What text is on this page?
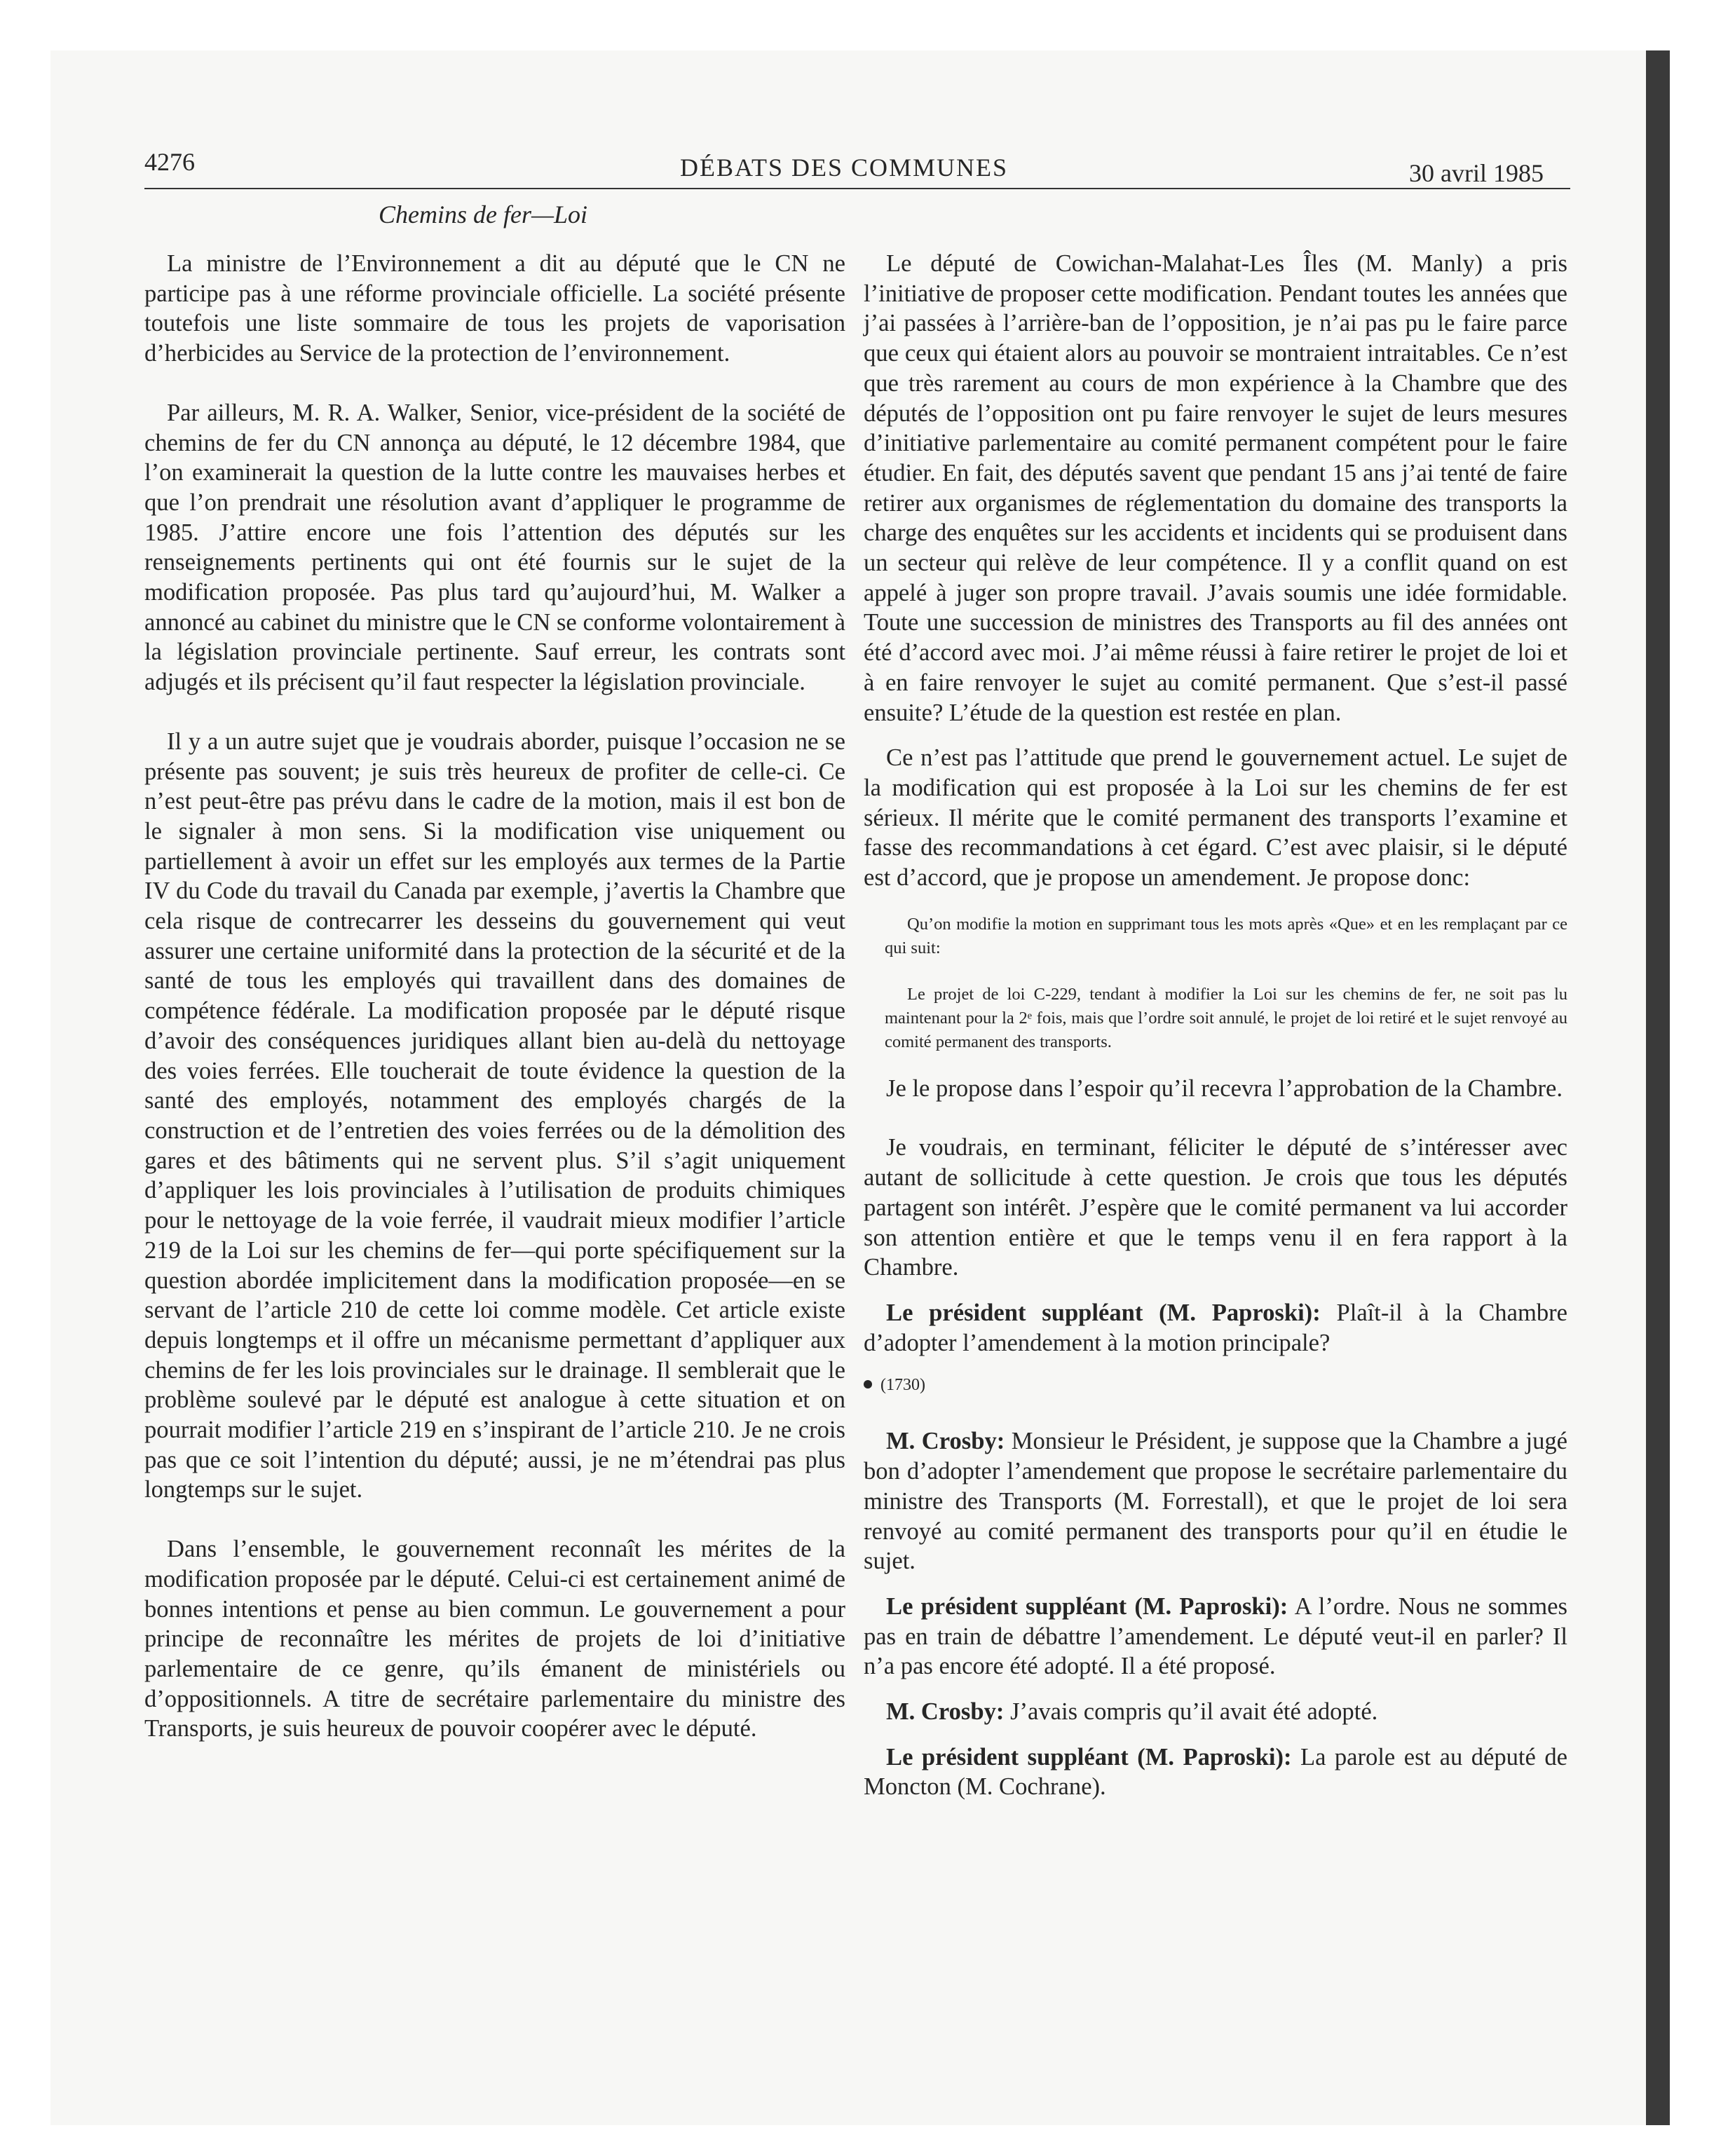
4276	DÉBATS DES COMMUNES	30 avril 1985
Chemins de fer—Loi

La ministre de l’Environnement a dit au député que le CN ne participe pas à une réforme provinciale officielle. La société présente toutefois une liste sommaire de tous les projets de vaporisation d’herbicides au Service de la protection de l’environnement.

Par ailleurs, M. R. A. Walker, Senior, vice-président de la société de chemins de fer du CN annonça au député, le 12 décembre 1984, que l’on examinerait la question de la lutte contre les mauvaises herbes et que l’on prendrait une résolution avant d’appliquer le programme de 1985. J’attire encore une fois l’attention des députés sur les renseignements pertinents qui ont été fournis sur le sujet de la modification proposée. Pas plus tard qu’aujourd’hui, M. Walker a annoncé au cabinet du ministre que le CN se conforme volontairement à la législation provinciale pertinente. Sauf erreur, les contrats sont adjugés et ils précisent qu’il faut respecter la législation provinciale.

Il y a un autre sujet que je voudrais aborder, puisque l’occasion ne se présente pas souvent; je suis très heureux de profiter de celle-ci. Ce n’est peut-être pas prévu dans le cadre de la motion, mais il est bon de le signaler à mon sens. Si la modification vise uniquement ou partiellement à avoir un effet sur les employés aux termes de la Partie IV du Code du travail du Canada par exemple, j’avertis la Chambre que cela risque de contrecarrer les desseins du gouvernement qui veut assurer une certaine uniformité dans la protection de la sécurité et de la santé de tous les employés qui travaillent dans des domaines de compétence fédérale. La modification proposée par le député risque d’avoir des conséquences juridiques allant bien au-delà du nettoyage des voies ferrées. Elle toucherait de toute évidence la question de la santé des employés, notamment des employés chargés de la construction et de l’entretien des voies ferrées ou de la démolition des gares et des bâtiments qui ne servent plus. S’il s’agit uniquement d’appliquer les lois provinciales à l’utilisation de produits chimiques pour le nettoyage de la voie ferrée, il vaudrait mieux modifier l’article 219 de la Loi sur les chemins de fer—qui porte spécifiquement sur la question abordée implicitement dans la modification proposée—en se servant de l’article 210 de cette loi comme modèle. Cet article existe depuis longtemps et il offre un mécanisme permettant d’appliquer aux chemins de fer les lois provinciales sur le drainage. Il semblerait que le problème soulevé par le député est analogue à cette situation et on pourrait modifier l’article 219 en s’inspirant de l’article 210. Je ne crois pas que ce soit l’intention du député; aussi, je ne m’étendrai pas plus longtemps sur le sujet.

Dans l’ensemble, le gouvernement reconnaît les mérites de la modification proposée par le député. Celui-ci est certainement animé de bonnes intentions et pense au bien commun. Le gouvernement a pour principe de reconnaître les mérites de projets de loi d’initiative parlementaire de ce genre, qu’ils émanent de ministériels ou d’oppositionnels. A titre de secrétaire parlementaire du ministre des Transports, je suis heureux de pouvoir coopérer avec le député.

Le député de Cowichan-Malahat-Les Îles (M. Manly) a pris l’initiative de proposer cette modification. Pendant toutes les années que j’ai passées à l’arrière-ban de l’opposition, je n’ai pas pu le faire parce que ceux qui étaient alors au pouvoir se montraient intraitables. Ce n’est que très rarement au cours de mon expérience à la Chambre que des députés de l’opposition ont pu faire renvoyer le sujet de leurs mesures d’initiative parlementaire au comité permanent compétent pour le faire étudier. En fait, des députés savent que pendant 15 ans j’ai tenté de faire retirer aux organismes de réglementation du domaine des transports la charge des enquêtes sur les accidents et incidents qui se produisent dans un secteur qui relève de leur compétence. Il y a conflit quand on est appelé à juger son propre travail. J’avais soumis une idée formidable. Toute une succession de ministres des Transports au fil des années ont été d’accord avec moi. J’ai même réussi à faire retirer le projet de loi et à en faire renvoyer le sujet au comité permanent. Que s’est-il passé ensuite? L’étude de la question est restée en plan.

Ce n’est pas l’attitude que prend le gouvernement actuel. Le sujet de la modification qui est proposée à la Loi sur les chemins de fer est sérieux. Il mérite que le comité permanent des transports l’examine et fasse des recommandations à cet égard. C’est avec plaisir, si le député est d’accord, que je propose un amendement. Je propose donc:

Qu’on modifie la motion en supprimant tous les mots après «Que» et en les remplaçant par ce qui suit:

Le projet de loi C-229, tendant à modifier la Loi sur les chemins de fer, ne soit pas lu maintenant pour la 2ᵉ fois, mais que l’ordre soit annulé, le projet de loi retiré et le sujet renvoyé au comité permanent des transports.

Je le propose dans l’espoir qu’il recevra l’approbation de la Chambre.

Je voudrais, en terminant, féliciter le député de s’intéresser avec autant de sollicitude à cette question. Je crois que tous les députés partagent son intérêt. J’espère que le comité permanent va lui accorder son attention entière et que le temps venu il en fera rapport à la Chambre.

Le président suppléant (M. Paproski): Plaît-il à la Chambre d’adopter l’amendement à la motion principale?

(1730)

M. Crosby: Monsieur le Président, je suppose que la Chambre a jugé bon d’adopter l’amendement que propose le secrétaire parlementaire du ministre des Transports (M. Forrestall), et que le projet de loi sera renvoyé au comité permanent des transports pour qu’il en étudie le sujet.

Le président suppléant (M. Paproski): A l’ordre. Nous ne sommes pas en train de débattre l’amendement. Le député veut-il en parler? Il n’a pas encore été adopté. Il a été proposé.

M. Crosby: J’avais compris qu’il avait été adopté.

Le président suppléant (M. Paproski): La parole est au député de Moncton (M. Cochrane).
